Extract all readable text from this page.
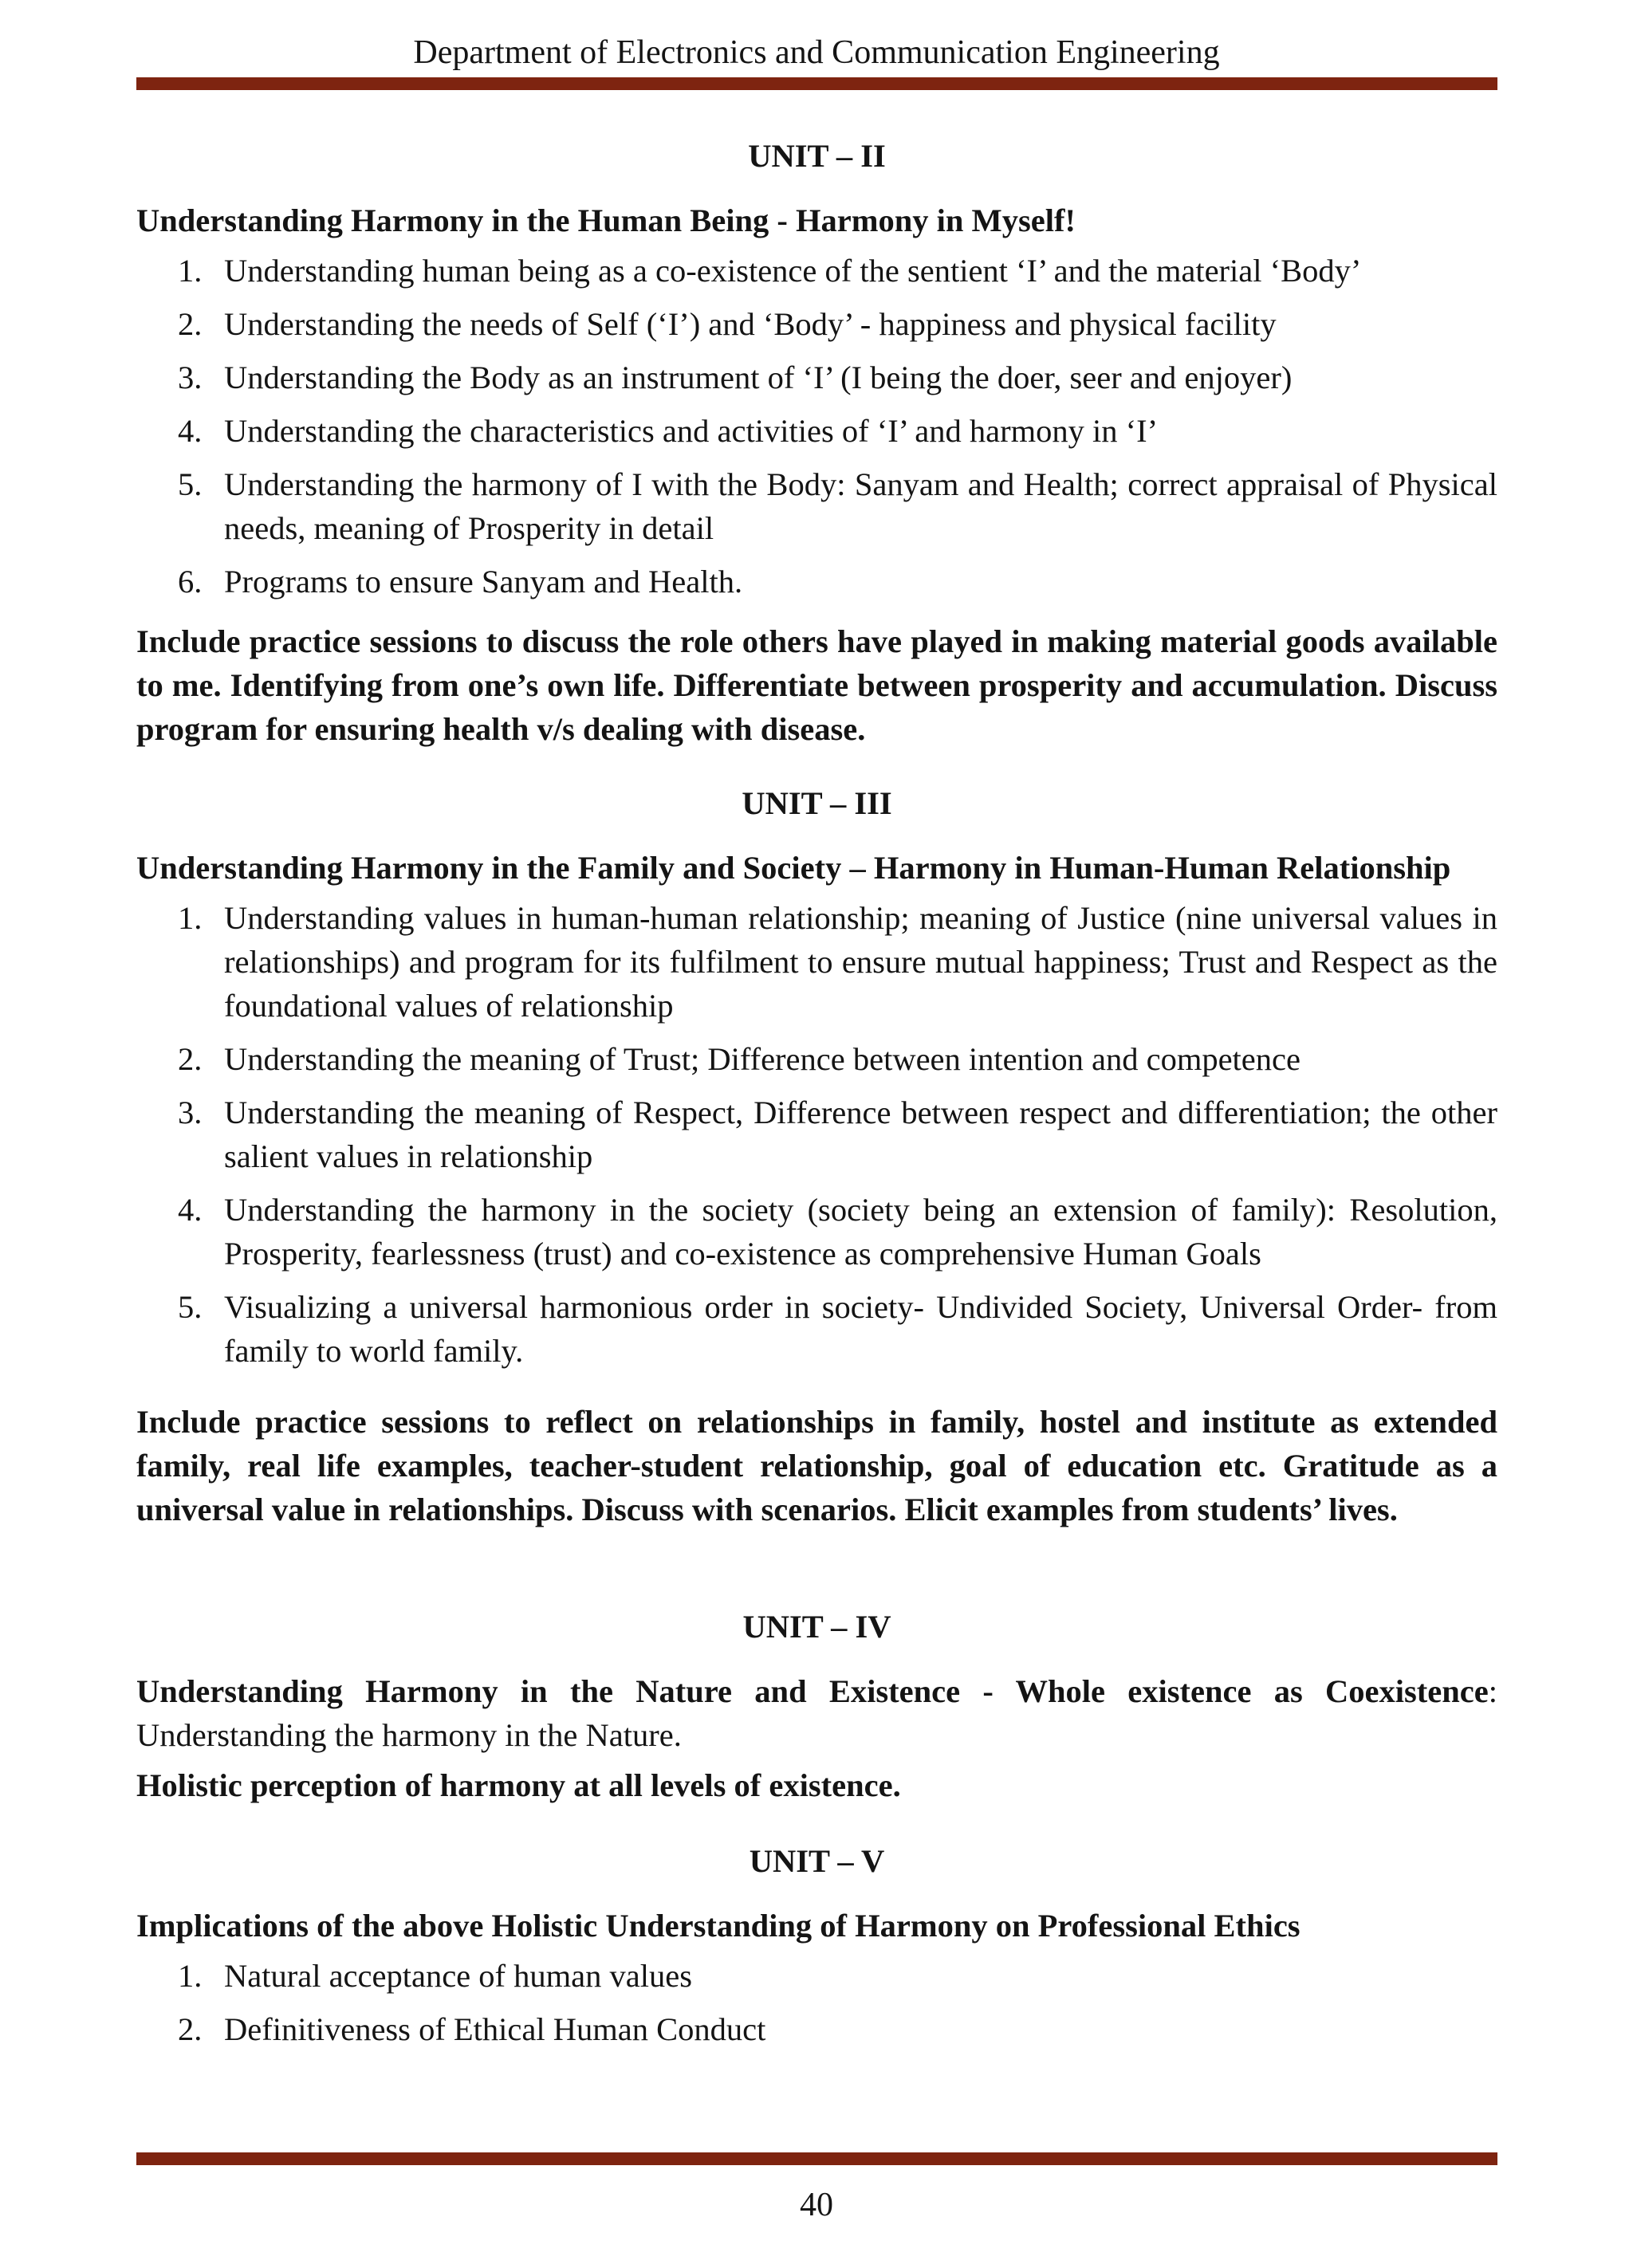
Department of Electronics and Communication Engineering

UNIT – II

Understanding Harmony in the Human Being - Harmony in Myself!

1. Understanding human being as a co-existence of the sentient ‘I’ and the material ‘Body’
2. Understanding the needs of Self (‘I’) and ‘Body’ - happiness and physical facility
3. Understanding the Body as an instrument of ‘I’ (I being the doer, seer and enjoyer)
4. Understanding the characteristics and activities of ‘I’ and harmony in ‘I’
5. Understanding the harmony of I with the Body: Sanyam and Health; correct appraisal of Physical needs, meaning of Prosperity in detail
6. Programs to ensure Sanyam and Health.

Include practice sessions to discuss the role others have played in making material goods available to me. Identifying from one’s own life. Differentiate between prosperity and accumulation. Discuss program for ensuring health v/s dealing with disease.

UNIT – III

Understanding Harmony in the Family and Society – Harmony in Human-Human Relationship

1. Understanding values in human-human relationship; meaning of Justice (nine universal values in relationships) and program for its fulfilment to ensure mutual happiness; Trust and Respect as the foundational values of relationship
2. Understanding the meaning of Trust; Difference between intention and competence
3. Understanding the meaning of Respect, Difference between respect and differentiation; the other salient values in relationship
4. Understanding the harmony in the society (society being an extension of family): Resolution, Prosperity, fearlessness (trust) and co-existence as comprehensive Human Goals
5. Visualizing a universal harmonious order in society- Undivided Society, Universal Order- from family to world family.

Include practice sessions to reflect on relationships in family, hostel and institute as extended family, real life examples, teacher-student relationship, goal of education etc. Gratitude as a universal value in relationships. Discuss with scenarios. Elicit examples from students’ lives.

UNIT – IV

Understanding Harmony in the Nature and Existence - Whole existence as Coexistence: Understanding the harmony in the Nature.

Holistic perception of harmony at all levels of existence.

UNIT – V

Implications of the above Holistic Understanding of Harmony on Professional Ethics

1. Natural acceptance of human values
2. Definitiveness of Ethical Human Conduct
40
